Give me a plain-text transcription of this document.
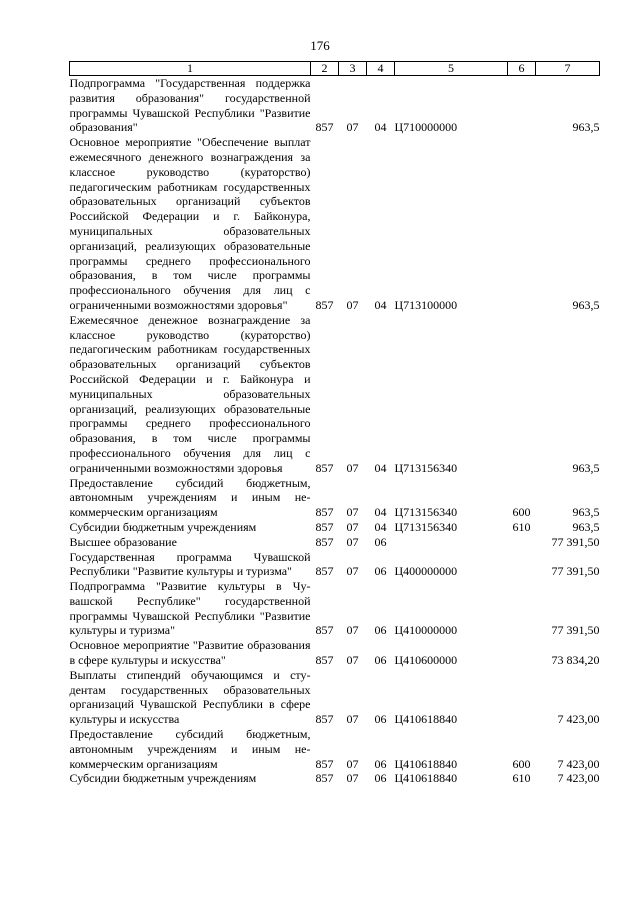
176
1	2	3	4	5	6	7
Подпрограмма "Государственная поддержка развития образования" государственной программы Чувашской Республики "Развитие образования"	857	07	04	Ц710000000		963,5
Основное мероприятие "Обеспечение выплат ежемесячного денежного вознаграждения за классное руководство (кураторство) педагогическим работникам государственных образовательных организаций субъектов Российской Федерации и г. Байконура, муниципальных образовательных организаций, реализующих образовательные программы среднего профессионального образования, в том числе программы профессионального обучения для лиц с ограниченными возможностями здоровья"	857	07	04	Ц713100000		963,5
Ежемесячное денежное вознаграждение за классное руководство (кураторство) педагогическим работникам государственных образовательных организаций субъектов Российской Федерации и г. Байконура и муниципальных образовательных организаций, реализующих образовательные программы среднего профессионального образования, в том числе программы профессионального обучения для лиц с ограниченными возможностями здоровья	857	07	04	Ц713156340		963,5
Предоставление субсидий бюджетным, автономным учреждениям и иным некоммерческим организациям	857	07	04	Ц713156340	600	963,5
Субсидии бюджетным учреждениям	857	07	04	Ц713156340	610	963,5
Высшее образование	857	07	06			77 391,50
Государственная программа Чувашской Республики "Развитие культуры и туризма"	857	07	06	Ц400000000		77 391,50
Подпрограмма "Развитие культуры в Чувашской Республике" государственной программы Чувашской Республики "Развитие культуры и туризма"	857	07	06	Ц410000000		77 391,50
Основное мероприятие "Развитие образования в сфере культуры и искусства"	857	07	06	Ц410600000		73 834,20
Выплаты стипендий обучающимся и студентам государственных образовательных организаций Чувашской Республики в сфере культуры и искусства	857	07	06	Ц410618840		7 423,00
Предоставление субсидий бюджетным, автономным учреждениям и иным некоммерческим организациям	857	07	06	Ц410618840	600	7 423,00
Субсидии бюджетным учреждениям	857	07	06	Ц410618840	610	7 423,00
